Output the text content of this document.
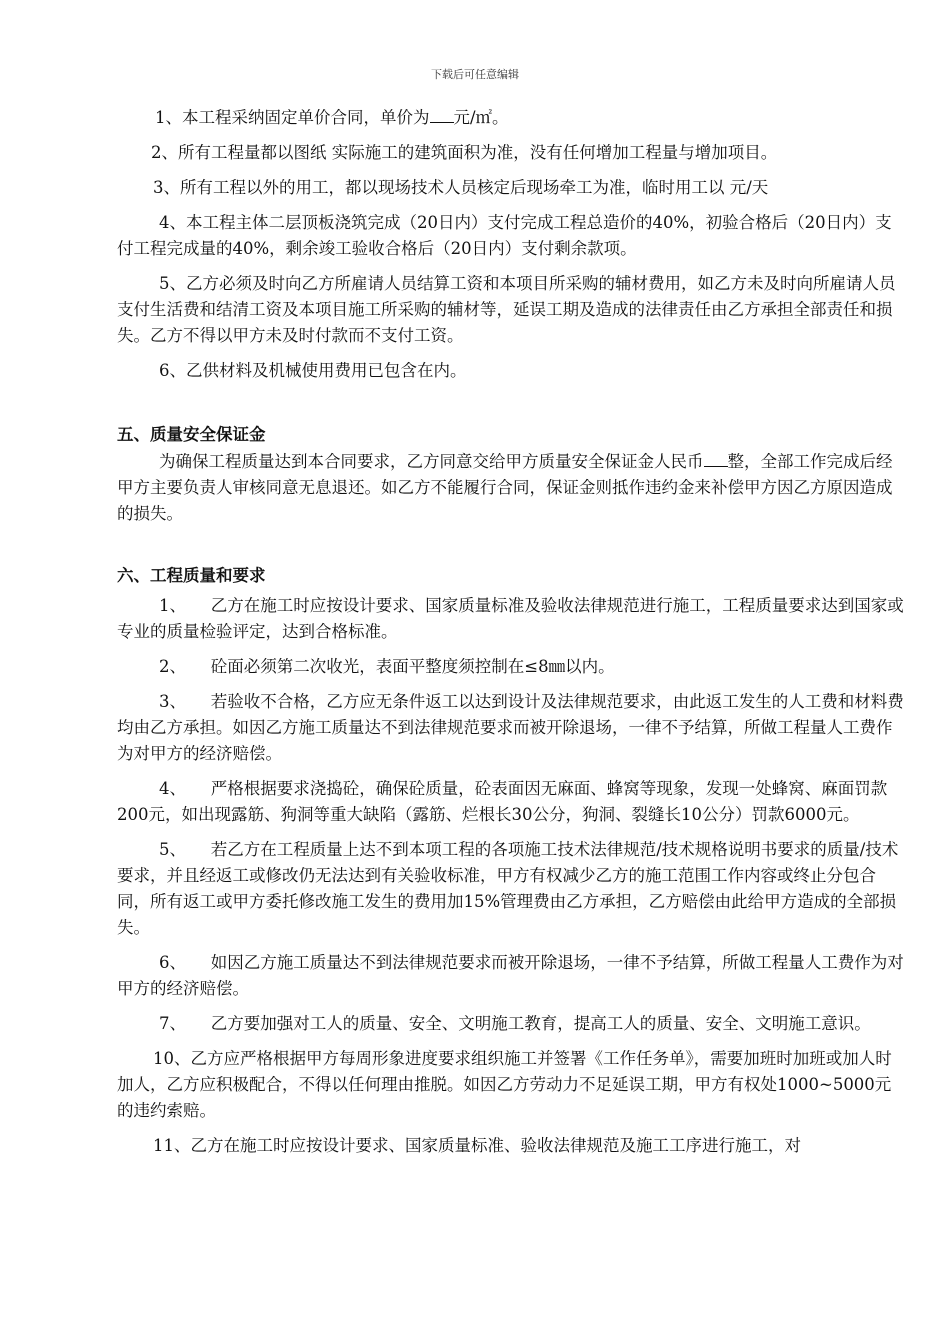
下载后可任意编辑

1、本工程采纳固定单价合同，单价为 元/㎡。

2、所有工程量都以图纸 实际施工的建筑面积为准，没有任何增加工程量与增加项目。

3、所有工程以外的用工，都以现场技术人员核定后现场牵工为准，临时用工以 元/天

4、本工程主体二层顶板浇筑完成（20日内）支付完成工程总造价的40%，初验合格后（20日内）支付工程完成量的40%，剩余竣工验收合格后（20日内）支付剩余款项。

5、乙方必须及时向乙方所雇请人员结算工资和本项目所采购的辅材费用，如乙方未及时向所雇请人员支付生活费和结清工资及本项目施工所采购的辅材等，延误工期及造成的法律责任由乙方承担全部责任和损失。乙方不得以甲方未及时付款而不支付工资。

6、乙供材料及机械使用费用已包含在内。

五、质量安全保证金

为确保工程质量达到本合同要求，乙方同意交给甲方质量安全保证金人民币 整，全部工作完成后经甲方主要负责人审核同意无息退还。如乙方不能履行合同，保证金则抵作违约金来补偿甲方因乙方原因造成的损失。

六、工程质量和要求

1、　　乙方在施工时应按设计要求、国家质量标准及验收法律规范进行施工，工程质量要求达到国家或专业的质量检验评定，达到合格标准。

2、　　砼面必须第二次收光，表面平整度须控制在≤8㎜以内。

3、　　若验收不合格，乙方应无条件返工以达到设计及法律规范要求，由此返工发生的人工费和材料费均由乙方承担。如因乙方施工质量达不到法律规范要求而被开除退场，一律不予结算，所做工程量人工费作为对甲方的经济赔偿。

4、　　严格根据要求浇捣砼，确保砼质量，砼表面因无麻面、蜂窝等现象，发现一处蜂窝、麻面罚款200元，如出现露筋、狗洞等重大缺陷（露筋、烂根长30公分，狗洞、裂缝长10公分）罚款6000元。

5、　　若乙方在工程质量上达不到本项工程的各项施工技术法律规范/技术规格说明书要求的质量/技术要求，并且经返工或修改仍无法达到有关验收标准，甲方有权减少乙方的施工范围工作内容或终止分包合同，所有返工或甲方委托修改施工发生的费用加15%管理费由乙方承担，乙方赔偿由此给甲方造成的全部损失。

6、　　如因乙方施工质量达不到法律规范要求而被开除退场，一律不予结算，所做工程量人工费作为对甲方的经济赔偿。

7、　　乙方要加强对工人的质量、安全、文明施工教育，提高工人的质量、安全、文明施工意识。

10、乙方应严格根据甲方每周形象进度要求组织施工并签署《工作任务单》，需要加班时加班或加人时加人，乙方应积极配合，不得以任何理由推脱。如因乙方劳动力不足延误工期，甲方有权处1000~5000元的违约索赔。

11、乙方在施工时应按设计要求、国家质量标准、验收法律规范及施工工序进行施工，对
